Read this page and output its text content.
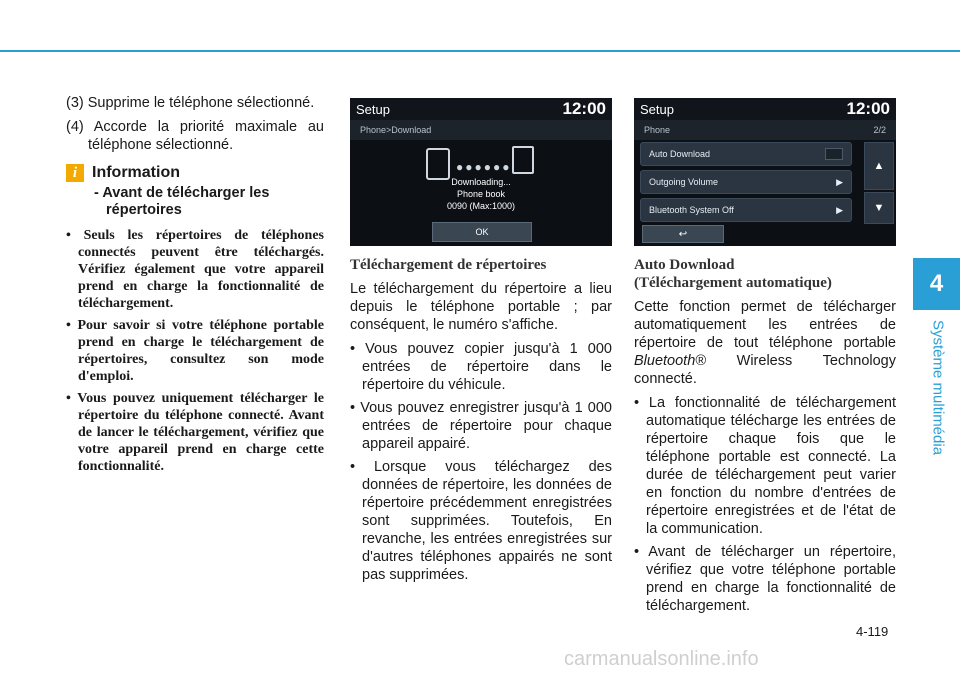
4
Système multimédia

(3) Supprime le téléphone sélectionné.

(4) Accorde la priorité maximale au téléphone sélectionné.

i Information
- Avant de télécharger les répertoires

• Seuls les répertoires de téléphones connectés peuvent être téléchargés. Vérifiez également que votre appareil prend en charge la fonctionnalité de téléchargement.

• Pour savoir si votre téléphone portable prend en charge le téléchargement de répertoires, consultez son mode d'emploi.

• Vous pouvez uniquement télécharger le répertoire du téléphone connecté. Avant de lancer le téléchargement, vérifiez que votre appareil prend en charge cette fonctionnalité.

Setup	12:00
Phone>Download
●●●●●●
Downloading...
Phone book
0090 (Max:1000)
OK
Setup	12:00
Phone	2/2
Auto Download
Outgoing Volume	▶
Bluetooth System Off	▶
▲
▼
↩
Téléchargement de répertoires

Le téléchargement du répertoire a lieu depuis le téléphone portable ; par conséquent, le numéro s'affiche.

• Vous pouvez copier jusqu'à 1 000 entrées de répertoire dans le répertoire du véhicule.

• Vous pouvez enregistrer jusqu'à 1 000 entrées de répertoire pour chaque appareil appairé.

• Lorsque vous téléchargez des données de répertoire, les données de répertoire précédemment enregistrées sont supprimées. Toutefois, En revanche, les entrées enregistrées sur d'autres téléphones appairés ne sont pas supprimées.

Auto Download
(Téléchargement automatique)

Cette fonction permet de télécharger automatiquement les entrées de répertoire de tout téléphone portable Bluetooth® Wireless Technology connecté.

• La fonctionnalité de téléchargement automatique télécharge les entrées de répertoire chaque fois que le téléphone portable est connecté. La durée de téléchargement peut varier en fonction du nombre d'entrées de répertoire enregistrées et de l'état de la communication.

• Avant de télécharger un répertoire, vérifiez que votre téléphone portable prend en charge la fonctionnalité de téléchargement.

4-119
carmanualsonline.info
